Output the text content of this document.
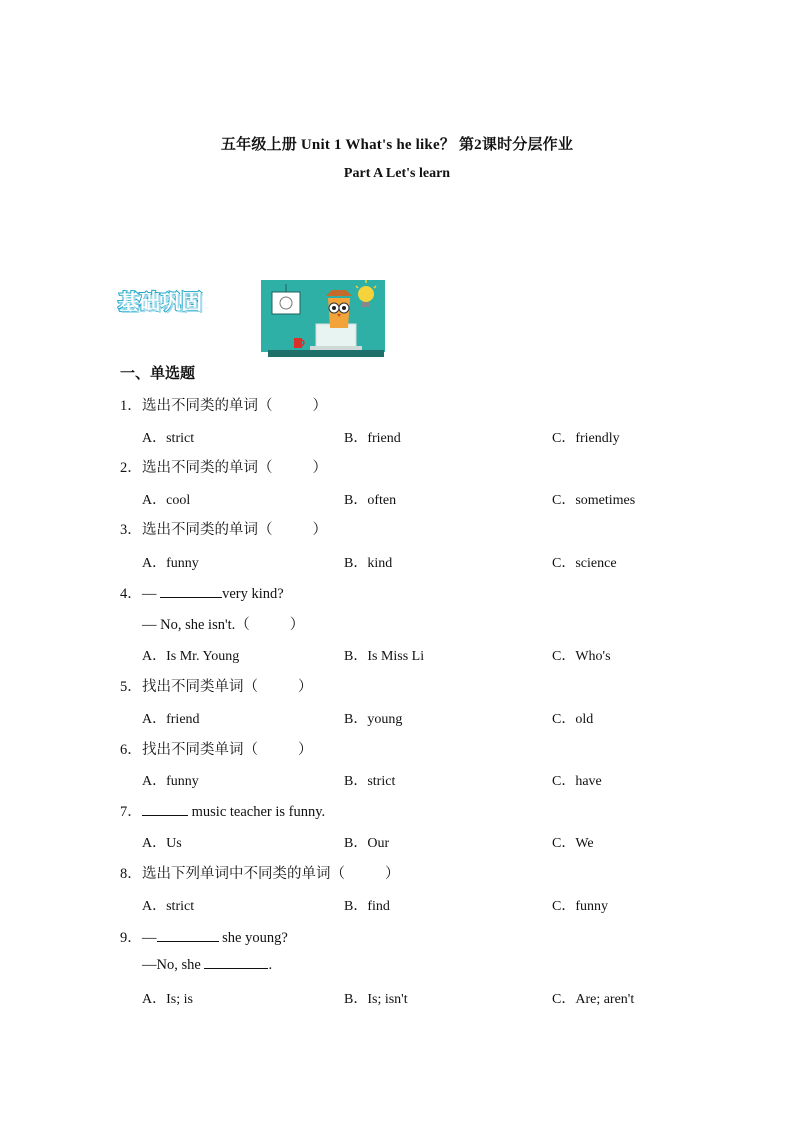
五年级上册 Unit 1 What's he like？ 第2课时分层作业
Part A Let's learn
基础巩固
一、单选题
1．选出不同类的单词（	）
A．strict	B．friend	C．friendly
2．选出不同类的单词（	）
A．cool	B．often	C．sometimes
3．选出不同类的单词（	）
A．funny	B．kind	C．science
4．—	very kind?
— No, she isn't.（	）
A．Is Mr. Young	B．Is Miss Li	C．Who's
5．找出不同类单词（	）
A．friend	B．young	C．old
6．找出不同类单词（	）
A．funny	B．strict	C．have
7．	music teacher is funny.
A．Us	B．Our	C．We
8．选出下列单词中不同类的单词（	）
A．strict	B．find	C．funny
9．—	she young?
—No, she	.
A．Is; is	B．Is; isn't	C．Are; aren't
